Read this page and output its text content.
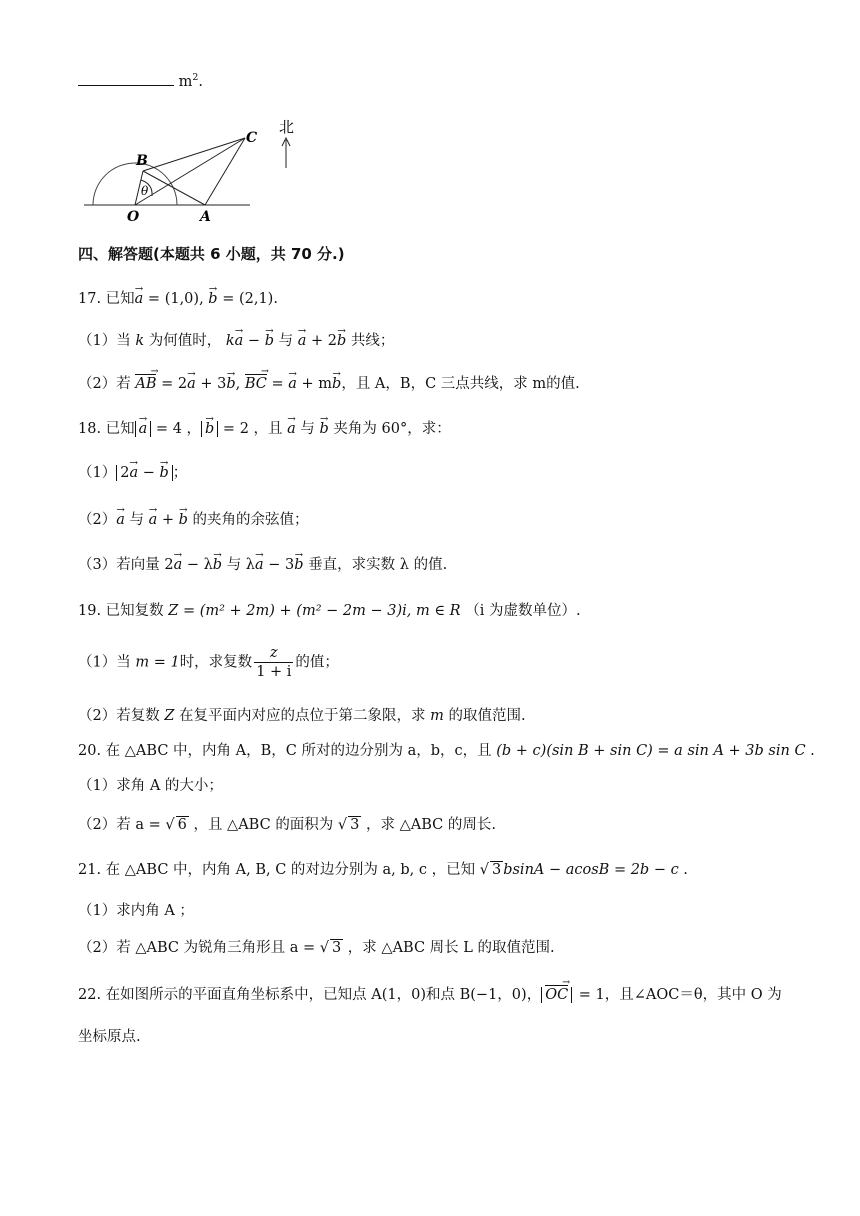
$m^2$.
B
C
O	A
θ
北
四、解答题(本题共 6 小题，共 70 分.)
17. 已知→ a = (1,0), → b = (2,1).
（1）当 k 为何值时， k→ a − → b 与 → a + 2→ b 共线；
（2）若 AB → = 2→ a + 3→ b, BC → = → a + m→ b，且 A，B，C 三点共线，求 m的值.
18. 已知 → a = 4 ， → b = 2 ，且 → a 与 → b 夹角为 60°，求：
（1） 2→ a − → b ；
（2）→ a 与 → a + → b 的夹角的余弦值；
（3）若向量 2→ a − λ→ b 与 λ→ a − 3→ b 垂直，求实数 λ 的值.
19. 已知复数 Z = (m² + 2m) + (m² − 2m − 3)i, m ∈ R （i 为虚数单位）.
（1）当 m = 1时，求复数 $\frac{z}{1 + i}$ 的值；
（2）若复数 Z 在复平面内对应的点位于第二象限，求 m 的取值范围.
20. 在 △ABC 中，内角 A，B，C 所对的边分别为 a，b，c，且 (b + c)(sin B + sin C) = a sin A + 3b sin C .
（1）求角 A 的大小；
（2）若 a = √ 6 ，且 △ABC 的面积为 √ 3 ，求 △ABC 的周长.
21. 在 △ABC 中，内角 A, B, C 的对边分别为 a, b, c ，已知 √ 3 bsinA − acosB = 2b − c .
（1）求内角 A ；
（2）若 △ABC 为锐角三角形且 a = √ 3 ，求 △ABC 周长 L 的取值范围.
22. 在如图所示的平面直角坐标系中，已知点 A(1，0)和点 B(−1，0)， OC → = 1，且∠AOC＝θ，其中 O 为
坐标原点.
